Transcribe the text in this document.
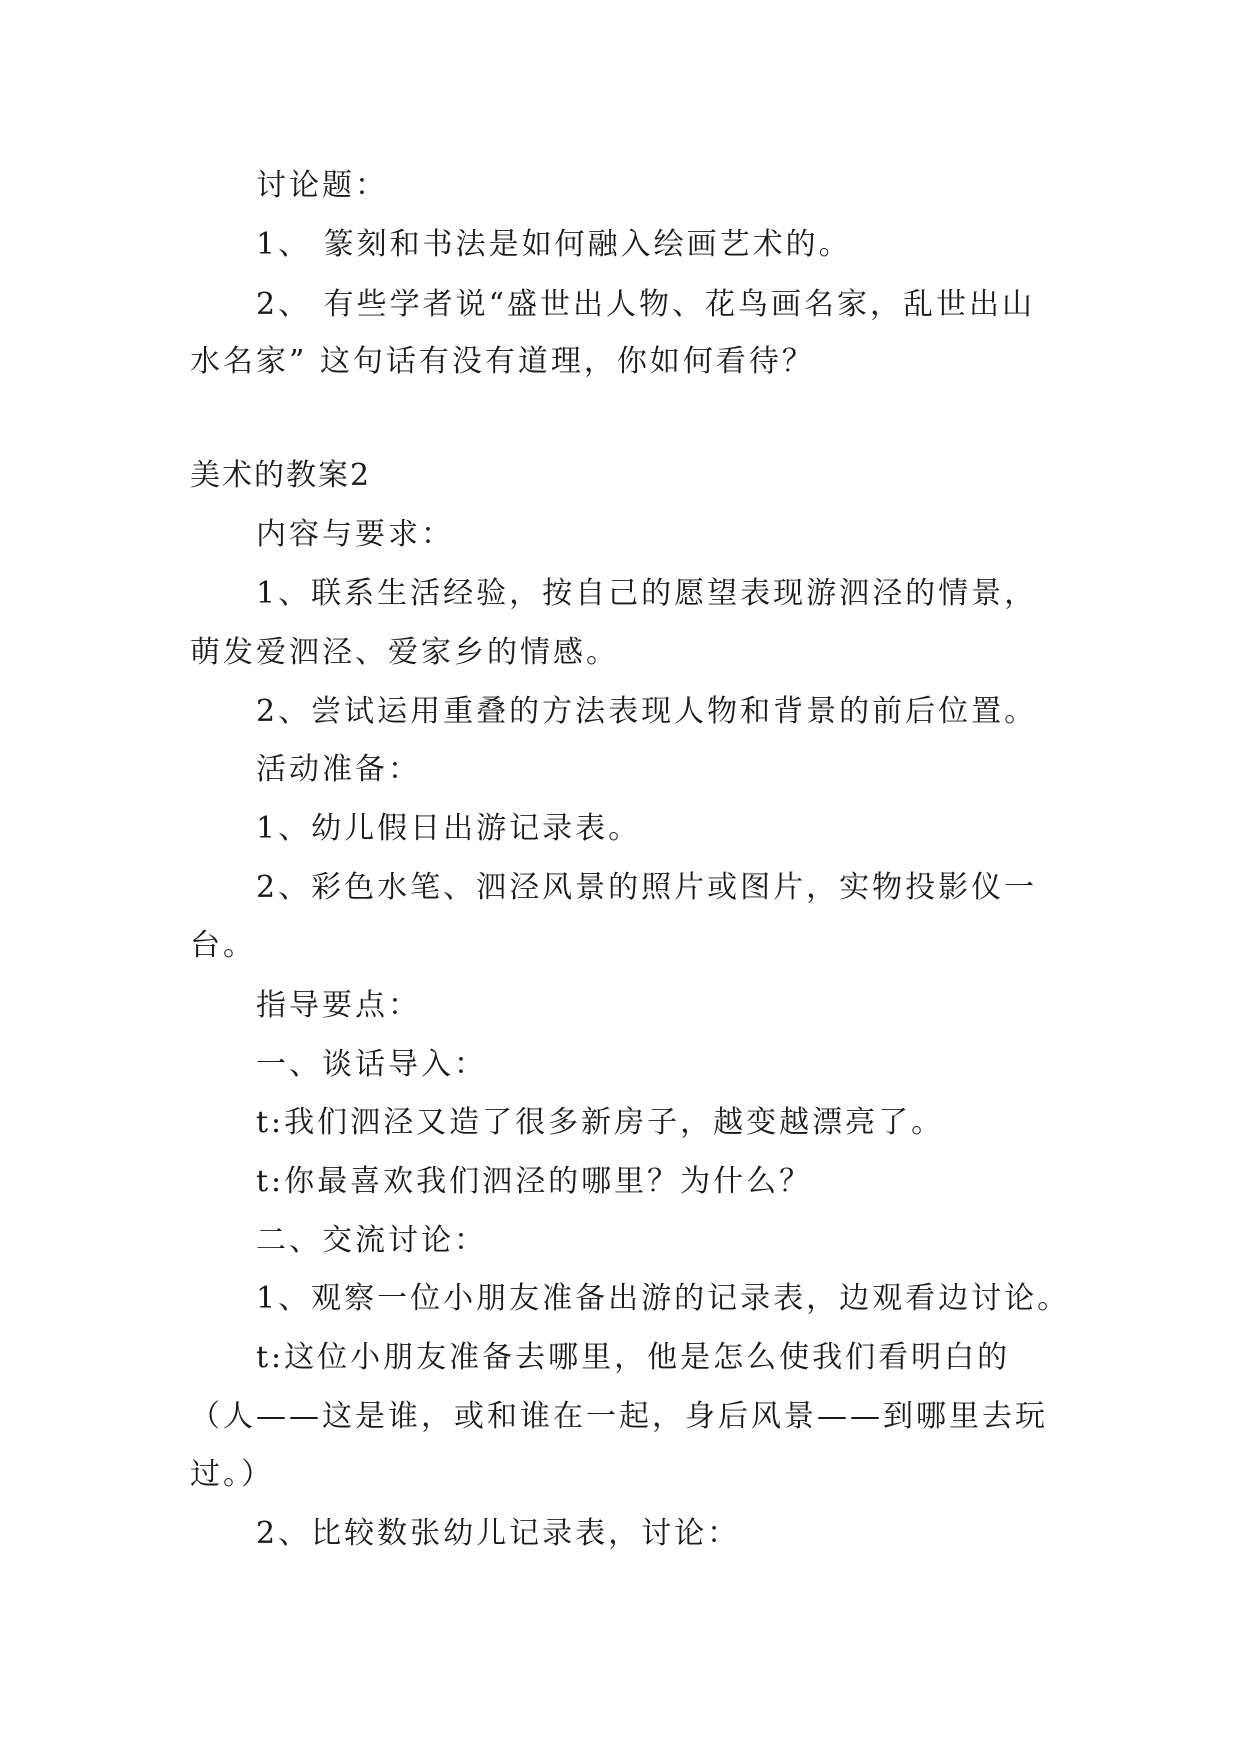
讨论题：
1、 篆刻和书法是如何融入绘画艺术的。
2、 有些学者说“盛世出人物、花鸟画名家，乱世出山
水名家” 这句话有没有道理，你如何看待？
美术的教案2
内容与要求：
1、联系生活经验，按自己的愿望表现游泗泾的情景，
萌发爱泗泾、爱家乡的情感。
2、尝试运用重叠的方法表现人物和背景的前后位置。
活动准备：
1、幼儿假日出游记录表。
2、彩色水笔、泗泾风景的照片或图片，实物投影仪一
台。
指导要点：
一、谈话导入：
t:我们泗泾又造了很多新房子，越变越漂亮了。
t:你最喜欢我们泗泾的哪里？为什么？
二、交流讨论：
1、观察一位小朋友准备出游的记录表，边观看边讨论。
t:这位小朋友准备去哪里，他是怎么使我们看明白的
（人——这是谁，或和谁在一起，身后风景——到哪里去玩
过。）
2、比较数张幼儿记录表，讨论：
